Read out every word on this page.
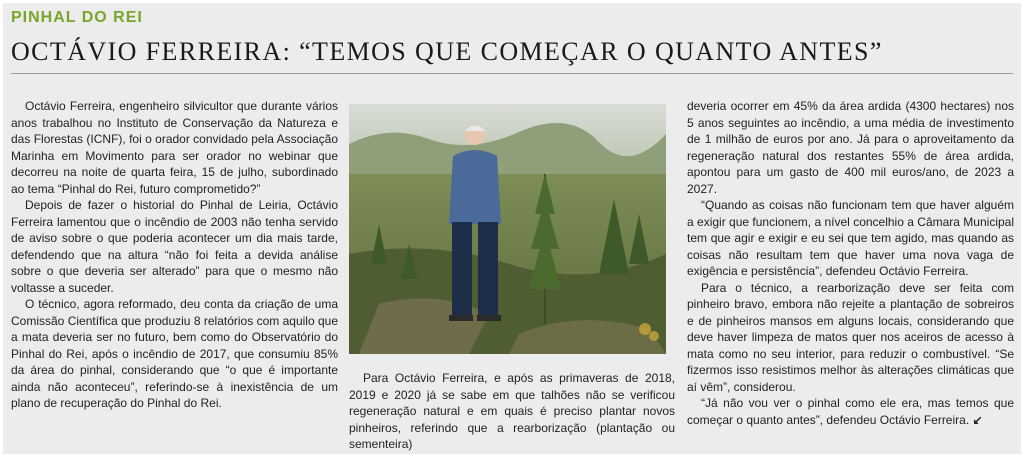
PINHAL DO REI
OCTÁVIO FERREIRA: “TEMOS QUE COMEÇAR O QUANTO ANTES”

Octávio Ferreira, engenheiro silvicultor que durante vários anos trabalhou no Instituto de Conservação da Natureza e das Florestas (ICNF), foi o orador convidado pela Associação Marinha em Movimento para ser orador no webinar que decorreu na noite de quarta feira, 15 de julho, subordinado ao tema “Pinhal do Rei, futuro comprometido?”

Depois de fazer o historial do Pinhal de Leiria, Octávio Ferreira lamentou que o incêndio de 2003 não tenha servido de aviso sobre o que poderia acontecer um dia mais tarde, defendendo que na altura “não foi feita a devida análise sobre o que deveria ser alterado” para que o mesmo não voltasse a suceder.

O técnico, agora reformado, deu conta da criação de uma Comissão Científica que produziu 8 relatórios com aquilo que a mata deveria ser no futuro, bem como do Observatório do Pinhal do Rei, após o incêndio de 2017, que consumiu 85% da área do pinhal, considerando que “o que é importante ainda não aconteceu”, referindo-se à inexistência de um plano de recuperação do Pinhal do Rei.

Para Octávio Ferreira, e após as primaveras de 2018, 2019 e 2020 já se sabe em que talhões não se verificou regeneração natural e em quais é preciso plantar novos pinheiros, referindo que a rearborização (plantação ou sementeira)

deveria ocorrer em 45% da área ardida (4300 hectares) nos 5 anos seguintes ao incêndio, a uma média de investimento de 1 milhão de euros por ano. Já para o aproveitamento da regeneração natural dos restantes 55% de área ardida, apontou para um gasto de 400 mil euros/ano, de 2023 a 2027.

“Quando as coisas não funcionam tem que haver alguém a exigir que funcionem, a nível concelhio a Câmara Municipal tem que agir e exigir e eu sei que tem agido, mas quando as coisas não resultam tem que haver uma nova vaga de exigência e persistência”, defendeu Octávio Ferreira.

Para o técnico, a rearborização deve ser feita com pinheiro bravo, embora não rejeite a plantação de sobreiros e de pinheiros mansos em alguns locais, considerando que deve haver limpeza de matos quer nos aceiros de acesso à mata como no seu interior, para reduzir o combustível. “Se fizermos isso resistimos melhor às alterações climáticas que aí vêm”, considerou.

“Já não vou ver o pinhal como ele era, mas temos que começar o quanto antes”, defendeu Octávio Ferreira. ↙
